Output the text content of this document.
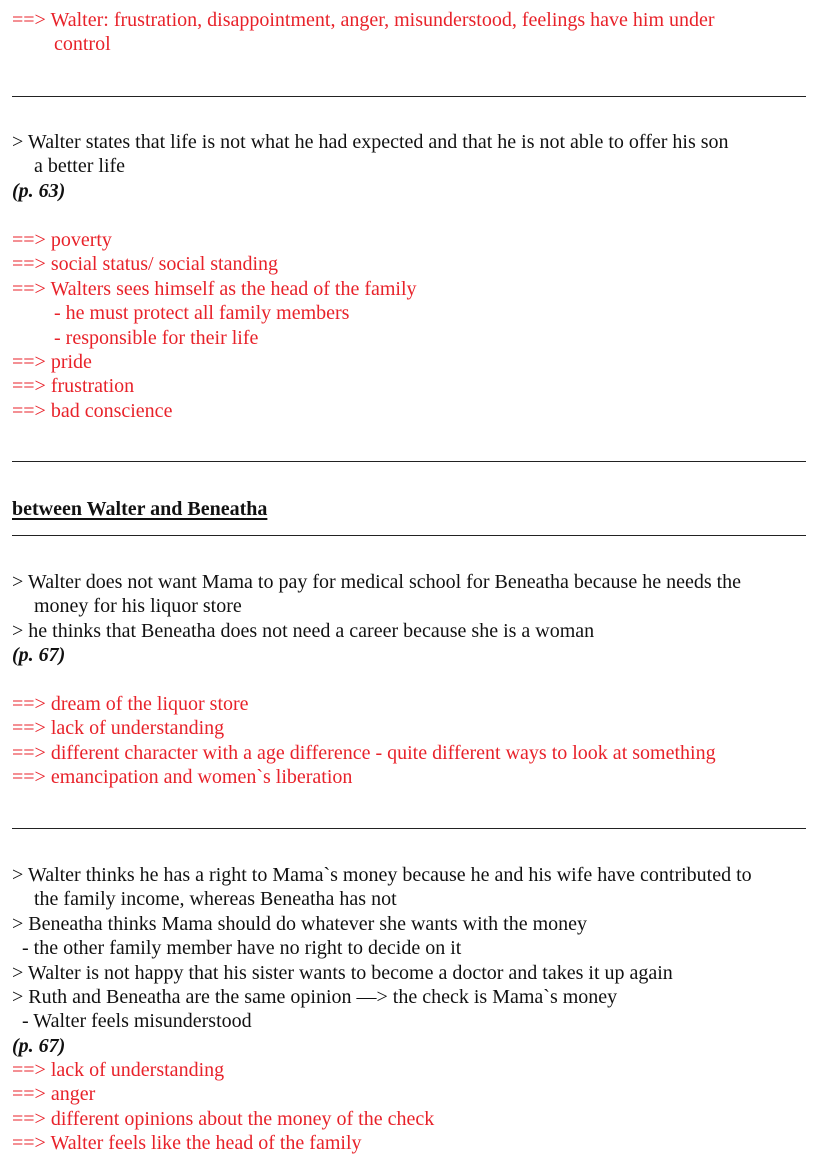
==> Walter: frustration, disappointment, anger, misunderstood, feelings have him under
control
> Walter states that life is not what he had expected and that he is not able to offer his son
a better life
(p. 63)
==> poverty
==> social status/ social standing
==> Walters sees himself as the head of the family
- he must protect all family members
- responsible for their life
==> pride
==> frustration
==> bad conscience
between Walter and Beneatha
> Walter does not want Mama to pay for medical school for Beneatha because he needs the
money for his liquor store
> he thinks that Beneatha does not need a career because she is a woman
(p. 67)
==> dream of the liquor store
==> lack of understanding
==> different character with a age difference - quite different ways to look at something
==> emancipation and women`s liberation
> Walter thinks he has a right to Mama`s money because he and his wife have contributed to
the family income, whereas Beneatha has not
> Beneatha thinks Mama should do whatever she wants with the money
- the other family member have no right to decide on it
> Walter is not happy that his sister wants to become a doctor and takes it up again
> Ruth and Beneatha are the same opinion —> the check is Mama`s money
- Walter feels misunderstood
(p. 67)
==> lack of understanding
==> anger
==> different opinions about the money of the check
==> Walter feels like the head of the family
